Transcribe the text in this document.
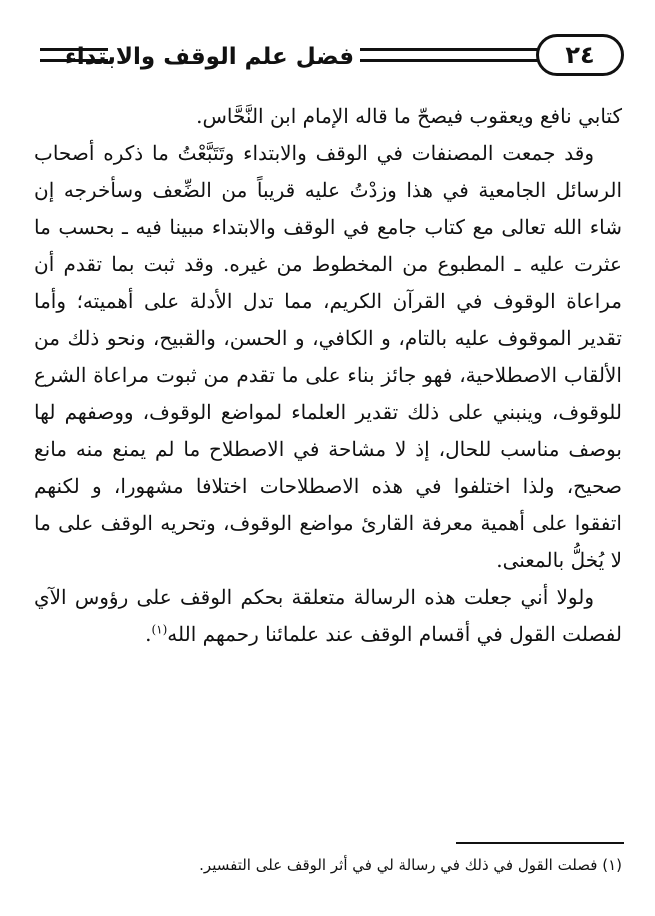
فضل علم الوقف والابتداء	٢٤

كتابي نافع ويعقوب فيصحّ ما قاله الإمام ابن النَّحَّاس.

وقد جمعت المصنفات في الوقف والابتداء وتَتَبَّعْتُ ما ذكره أصحاب الرسائل الجامعية في هذا وزدْتُ عليه قريباً من الضِّعف وسأخرجه إن شاء الله تعالى مع كتاب جامع في الوقف والابتداء مبينا فيه ـ بحسب ما عثرت عليه ـ المطبوع من المخطوط من غيره. وقد ثبت بما تقدم أن مراعاة الوقوف في القرآن الكريم، مما تدل الأدلة على أهميته؛ وأما تقدير الموقوف عليه بالتام، و الكافي، و الحسن، والقبيح، ونحو ذلك من الألقاب الاصطلاحية، فهو جائز بناء على ما تقدم من ثبوت مراعاة الشرع للوقوف، وينبني على ذلك تقدير العلماء لمواضع الوقوف، ووصفهم لها بوصف مناسب للحال، إذ لا مشاحة في الاصطلاح ما لم يمنع منه مانع صحيح، ولذا اختلفوا في هذه الاصطلاحات اختلافا مشهورا، و لكنهم اتفقوا على أهمية معرفة القارئ مواضع الوقوف، وتحريه الوقف على ما لا يُخلُّ بالمعنى.

ولولا أني جعلت هذه الرسالة متعلقة بحكم الوقف على رؤوس الآي لفصلت القول في أقسام الوقف عند علمائنا رحمهم الله$^{(١)}$.

(١) فصلت القول في ذلك في رسالة لي في أثر الوقف على التفسير.
